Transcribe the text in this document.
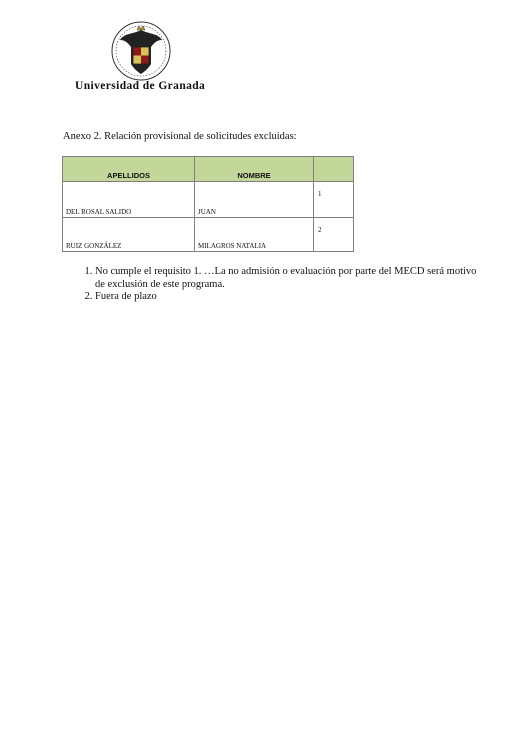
Universidad de Granada
Anexo 2. Relación provisional de solicitudes excluidas:
APELLIDOS	NOMBRE	
DEL ROSAL SALIDO	JUAN	1
RUIZ GONZÁLEZ	MILAGROS NATALIA	2
1. No cumple el requisito 1. …La no admisión o evaluación por parte del MECD será motivo de exclusión de este programa.
2. Fuera de plazo
